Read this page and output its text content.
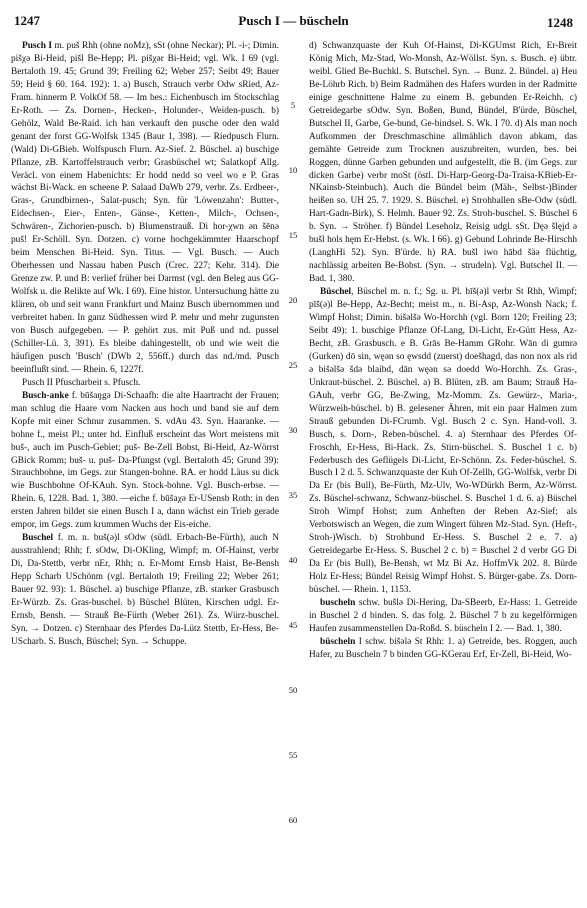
1247	Pusch I — büscheln	1248

Pusch I m. puš Rhh (ohne noMz), sSt (ohne Neckar); Pl. -i-; Dimin. pišχə Bi-Heid, pišl Be-Hepp; Pl. pišχər Bi-Heid; vgl. Wk. I 69 (vgl. Bertaloth 19. 45; Grund 39; Freiling 62; Weber 257; Seibt 49; Bauer 59; Heid § 60. 164. 192): 1. a) Busch, Strauch verbr Odw sRied, Az-Fram. hinnerm P. VolkOf 58. — Im bes.: Eichenbusch im Stockschlag Er-Roth. — Zs. Dornen-, Hecken-, Holunder-, Weiden-pusch. b) Gehölz, Wald Be-Raid. ich han verkauft den pusche oder den wald genant der forst GG-Wolfsk 1345 (Baur 1, 398). — Riedpusch Flurn. (Wald) Di-GBieb. Wolfspusch Flurn. Az-Sief. 2. Büschel. a) buschige Pflanze, zB. Kartoffelstrauch verbr; Grasbüschel wt; Salatkopf Allg. Veräcl. von einem Habenichts: Er hodd nedd so veel wo e P. Gras wächst Bi-Wack. en scheene P. Salaad DaWb 279, verbr. Zs. Erdbeer-, Gras-, Grundbirnen-, Salat-pusch; Syn. für 'Löwenzahn': Butter-, Eidechsen-, Eier-, Enten-, Gänse-, Ketten-, Milch-, Ochsen-, Schwären-, Zichorien-pusch. b) Blumenstrauß. Di hor-χwn ən šēnə puš! Er-Schöll. Syn. Dotzen. c) vorne hochgekämmter Haarschopf beim Menschen Bi-Heid. Syn. Titus. — Vgl. Busch. — Auch Oberhessen und Nassau haben Pusch (Crec. 227; Kehr. 314). Die Grenze zw. P. und B: verlief früher bei Darmst (vgl. den Beleg aus GG-Wolfsk u. die Relikte auf Wk. I 69). Eine histor. Untersuchung hätte zu klären, ob und seit wann Frankfurt und Mainz Busch übernommen und verbreitet haben. In ganz Südhessen wird P. mehr und mehr zugunsten von Busch aufgegeben. — P. gehört zus. mit Puß und nd. pussel (Schiller-Lü. 3, 391). Es bleibe dahingestellt, ob und wie weit die häufigen pusch 'Busch' (DWb 2, 556ff.) durch das nd./md. Pusch beeinflußt sind. — Rhein. 6, 1227f.

Pusch II Pfuscharbeit s. Pfusch.

Busch-anke f. būšaŋgə Di-Schaafh: die alte Haartracht der Frauen; man schlug die Haare vom Nacken aus hoch und band sie auf dem Kopfe mit einer Schnur zusammen. S. vdAu 43. Syn. Haaranke. —bohne f., meist Pl.; unter hd. Einfluß erscheint das Wort meistens mit buš-, auch im Pusch-Gebiet; puš- Be-Zell Bobst, Bi-Heid, Az-Wörrst GBick Romm; buš- u. puš- Da-Pfungst (vgl. Bertaloth 45; Grund 39): Strauchbohne, im Gegs. zur Stangen-bohne. RA. er hodd Läus su dick wie Buschbohne Of-KAuh. Syn. Stock-bohne. Vgl. Busch-erbse. — Rhein. 6, 1228. Bad. 1, 380. —eiche f. būšaχə Er-USensb Roth: in den ersten Jahren bildet sie einen Busch I a, dann wächst ein Trieb gerade empor, im Gegs. zum krummen Wuchs der Eis-eiche.

Buschel f. m. n. buš(ə)l sOdw (südl. Erbach-Be-Fürth), auch N ausstrahlend; Rhh; f. sOdw, Di-OKling, Wimpf; m. Of-Hainst, verbr Di, Da-Stettb, verbr nEr, Rhh; n. Er-Momt Ernsb Haist, Be-Bensh Hepp Scharb USchönm (vgl. Bertaloth 19; Freiling 22; Weber 261; Bauer 92. 93): 1. Büschel. a) buschige Pflanze, zB. starker Grasbusch Er-Würzb. Zs. Gras-buschel. b) Büschel Blüten, Kirschen udgl. Er-Ernsb, Bensh. — Strauß Be-Fürth (Weber 261). Zs. Würz-buschel. Syn. → Dotzen. c) Sternhaar des Pferdes Da-Lütz Stettb, Er-Hess, Be-UScharb. S. Busch, Büschel; Syn. → Schuppe.

5
10
15
20
25
30
35
40
45
50
55
60

d) Schwanzquaste der Kuh Of-Hainst, Di-KGUmst Rich, Er-Breit König Mich, Mz-Stad, Wo-Monsh, Az-Wöllst. Syn. s. Busch. e) übtr. weibl. Glied Be-Buchkl. S. Butschel. Syn. → Bunz. 2. Bündel. a) Heu Be-Löhrb Rich. b) Beim Radmähen des Hafers wurden in der Radmitte einige geschnittene Halme zu einem B. gebunden Er-Reichh. c) Getreidegarbe sOdw. Syn. Boßen, Bund, Bündel, B'ürde, Büschel, Butschel II, Garbe, Ge-bund, Ge-bindsel. S. Wk. I 70. d) Als man noch Aufkommen der Dreschmaschine allmählich davon abkam, das gemähte Getreide zum Trocknen auszubreiten, wurden, bes. bei Roggen, dünne Garben gebunden und aufgestellt, die B. (im Gegs. zur dicken Garbe) verbr moSt (östl. Di-Harp-Georg-Da-Traisa-KBieb-Er-NKainsb-Steinbuch). Auch die Bündel beim (Mäh-, Selbst-)Binder heißen so. UH 25. 7. 1929. S. Büschel. e) Strohballen sBe-Odw (südl. Hart-Gadn-Birk), S. Helmh. Bauer 92. Zs. Stroh-buschel. S. Büschel 6 b. Syn. → Ströher. f) Bündel Leseholz, Reisig udgl. sSt. Dęə šlęįd ə bušl hols hęm Er-Hebst. (s. Wk. I 66). g) Gebund Lohrinde Be-Hirschh (LanghHi 52). Syn. B'ürde. h) RA. bušl iwo hābd šäə flüchtig, nachlässig arbeiten Be-Bobst. (Syn. → strudeln). Vgl. Butschel II. — Bad. 1, 380.

Büschel, Büschel m. n. f.; Sg. u. Pl. bīš(ə)l verbr St Rhh, Wimpf; pīš(ə)l Be-Hepp, Az-Becht; meist m., n. Bi-Asp, Az-Wonsh Nack; f. Wimpf Hohst; Dimin. bišəlšə Wo-Horchh (vgl. Born 120; Freiling 23; Seibt 49): 1. buschige Pflanze Of-Lang, Di-Licht, Er-Gütt Hess, Az-Becht, zB. Grasbusch. e B. Grās Be-Hamm GRohr. Wān di gumrə (Gurken) dō sin, węən so ęwsdd (zuerst) doešhagd, das non nox als rid ə bišəlšə šdə blaibd, dān węən sə doedd Wo-Horchh. Zs. Gras-, Unkraut-büschel. 2. Büschel. a) B. Blüten, zB. am Baum; Strauß Ha-GAuh, verbr GG, Be-Zwing, Mz-Momm. Zs. Gewürz-, Maria-, Würzweih-büschel. b) B. gelesener Ähren, mit ein paar Halmen zum Strauß gebunden Di-FCrumb. Vgl. Busch 2 c. Syn. Hand-voll. 3. Busch, s. Dorn-, Reben-büschel. 4. a) Sternhaar des Pferdes Of-Froschh, Er-Hess, Bi-Hack. Zs. Stirn-büschel. S. Buschel 1 c. b) Federbusch des Geflügels Di-Licht, Er-Schönn. Zs. Feder-büschel. S. Busch I 2 d. 5. Schwanzquaste der Kuh Of-Zellh, GG-Wolfsk, verbr Di Da Er (bis Bull), Be-Fürth, Mz-Ulv, Wo-WDürkh Berm, Az-Wörrst. Zs. Büschel-schwanz, Schwanz-büschel. S. Buschel 1 d. 6. a) Büschel Stroh Wimpf Hohst; zum Anheften der Reben Az-Sief; als Verbotswisch an Wegen, die zum Wingert führen Mz-Stad. Syn. (Heft-, Stroh-)Wisch. b) Strohbund Er-Hess. S. Buschel 2 e. 7. a) Getreidegarbe Er-Hess. S. Buschel 2 c. b) = Buschel 2 d verbr GG Di Da Er (bis Bull), Be-Bensh, wt Mz Bi Az. HoffmVk 202. 8. Bürde Holz Er-Hess; Bündel Reisig Wimpf Hohst. S. Bürger-gabe. Zs. Dorn-büschel. — Rhein. 1, 1153.

buscheln schw. bušlə Di-Hering, Da-SBeerb, Er-Hass: 1. Getreide in Buschel 2 d binden. S. das folg. 2. Büschel 7 b zu kegelförmigen Haufen zusammenstellen Da-Roßd. S. büscheln I 2. — Bad. 1, 380.

büscheln I schw. bišələ St Rhh: 1. a) Getreide, bes. Roggen, auch Hafer, zu Buscheln 7 b binden GG-KGerau Erf, Er-Zell, Bi-Heid, Wo-
